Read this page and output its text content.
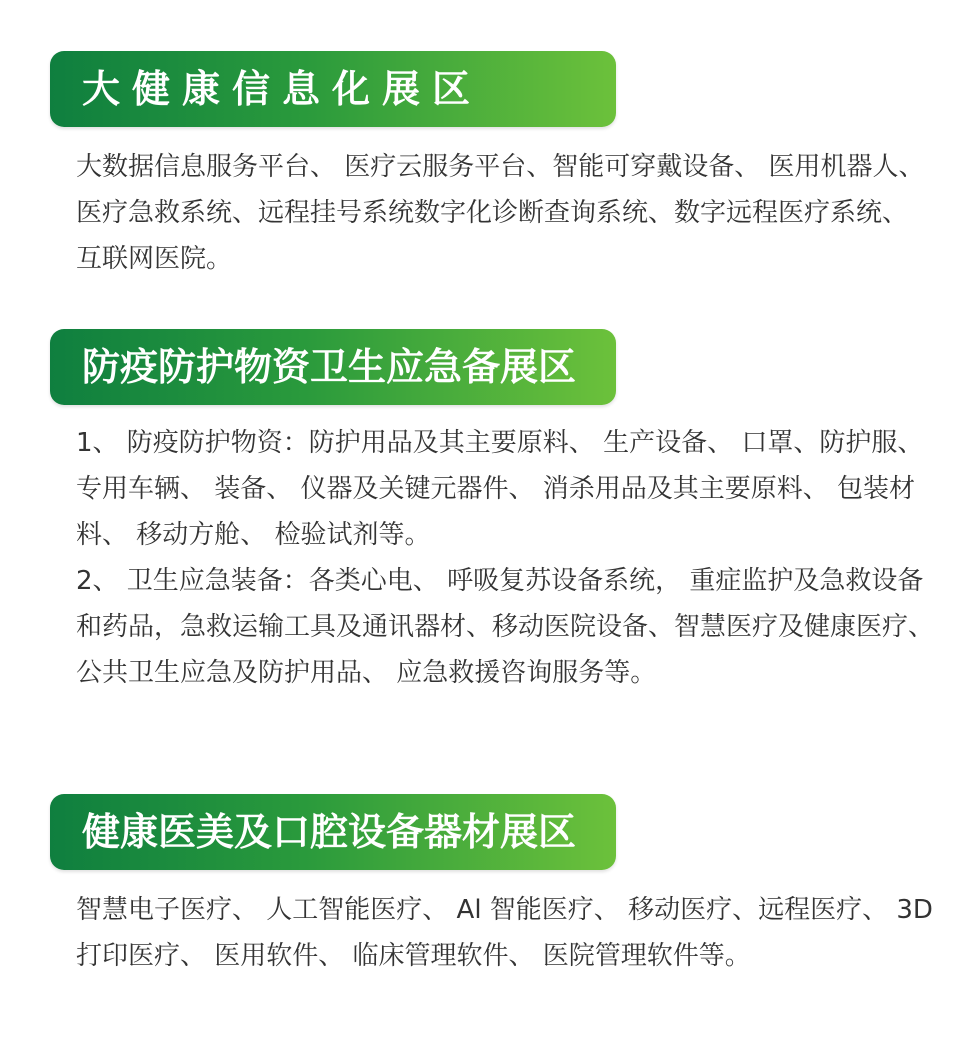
大健康信息化展区

大数据信息服务平台、 医疗云服务平台、智能可穿戴设备、 医用机器人、医疗急救系统、远程挂号系统数字化诊断查询系统、数字远程医疗系统、 互联网医院。

防疫防护物资卫生应急备展区

1、 防疫防护物资：防护用品及其主要原料、 生产设备、 口罩、防护服、 专用车辆、 装备、 仪器及关键元器件、 消杀用品及其主要原料、 包装材料、 移动方舱、 检验试剂等。

2、 卫生应急装备：各类心电、 呼吸复苏设备系统， 重症监护及急救设备和药品，急救运输工具及通讯器材、移动医院设备、智慧医疗及健康医疗、 公共卫生应急及防护用品、 应急救援咨询服务等。

健康医美及口腔设备器材展区

智慧电子医疗、 人工智能医疗、 Al 智能医疗、 移动医疗、远程医疗、 3D 打印医疗、 医用软件、 临床管理软件、 医院管理软件等。
